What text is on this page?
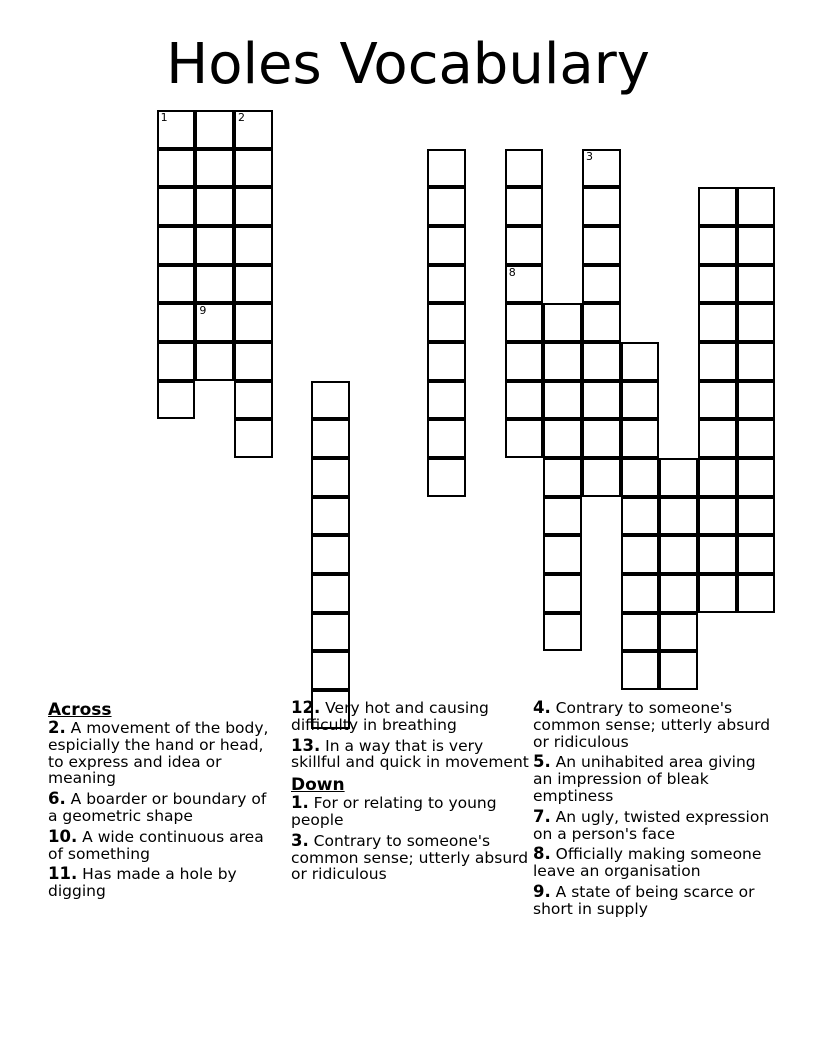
Holes Vocabulary
1	2
3
8
9
Across
2. A movement of the body, espicially the hand or head, to express and idea or meaning
6. A boarder or boundary of a geometric shape
10. A wide continuous area of something
11. Has made a hole by digging
12. Very hot and causing difficulty in breathing
13. In a way that is very skillful and quick in movement
Down
1. For or relating to young people
3. Contrary to someone's common sense; utterly absurd or ridiculous
4. Contrary to someone's common sense; utterly absurd or ridiculous
5. An unihabited area giving an impression of bleak emptiness
7. An ugly, twisted expression on a person's face
8. Officially making someone leave an organisation
9. A state of being scarce or short in supply
